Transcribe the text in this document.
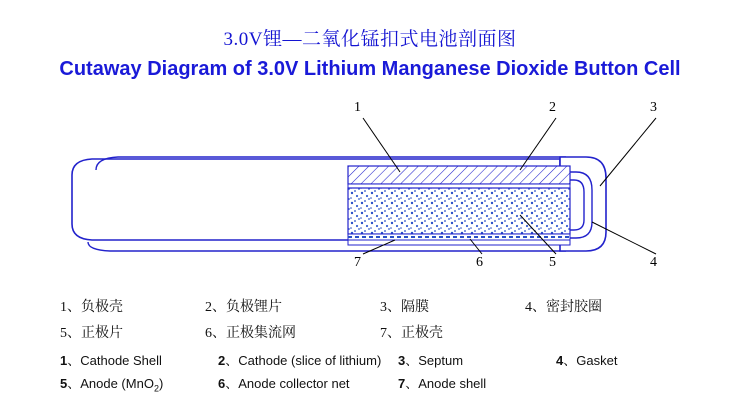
3.0V锂—二氧化锰扣式电池剖面图
Cutaway Diagram of 3.0V Lithium Manganese Dioxide Button Cell
1	2	3
7	6	5	4
1、负极壳	2、负极锂片	3、隔膜	4、密封胶圈
5、正极片	6、正极集流网	7、正极壳
1、Cathode Shell	2、Cathode (slice of lithium)	3、Septum	4、Gasket
5、Anode (MnO$_2$)	6、Anode collector net	7、Anode shell
